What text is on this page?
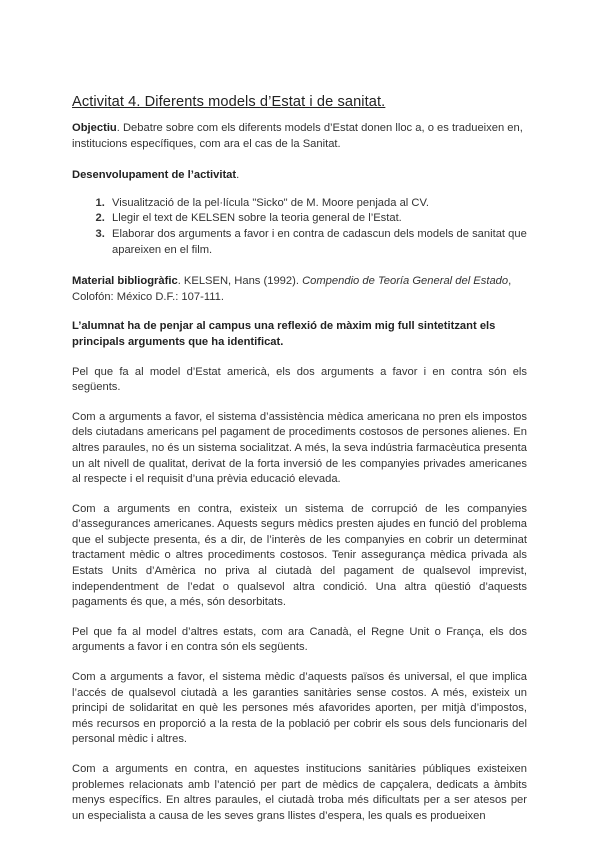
Activitat 4. Diferents models d’Estat i de sanitat.

Objectiu. Debatre sobre com els diferents models d’Estat donen lloc a, o es tradueixen en, institucions específiques, com ara el cas de la Sanitat.

Desenvolupament de l’activitat.

1. Visualització de la pel·lícula "Sicko" de M. Moore penjada al CV.
2. Llegir el text de KELSEN sobre la teoria general de l’Estat.
3. Elaborar dos arguments a favor i en contra de cadascun dels models de sanitat que apareixen en el film.

Material bibliogràfic. KELSEN, Hans (1992). Compendio de Teoría General del Estado, Colofón: México D.F.: 107-111.

L’alumnat ha de penjar al campus una reflexió de màxim mig full sintetitzant els principals arguments que ha identificat.

Pel que fa al model d’Estat americà, els dos arguments a favor i en contra són els següents.

Com a arguments a favor, el sistema d’assistència mèdica americana no pren els impostos dels ciutadans americans pel pagament de procediments costosos de persones alienes. En altres paraules, no és un sistema socialitzat. A més, la seva indústria farmacèutica presenta un alt nivell de qualitat, derivat de la forta inversió de les companyies privades americanes al respecte i el requisit d’una prèvia educació elevada.

Com a arguments en contra, existeix un sistema de corrupció de les companyies d’assegurances americanes. Aquests segurs mèdics presten ajudes en funció del problema que el subjecte presenta, és a dir, de l’interès de les companyies en cobrir un determinat tractament mèdic o altres procediments costosos. Tenir assegurança mèdica privada als Estats Units d’Amèrica no priva al ciutadà del pagament de qualsevol imprevist, independentment de l’edat o qualsevol altra condició. Una altra qüestió d’aquests pagaments és que, a més, són desorbitats.

Pel que fa al model d’altres estats, com ara Canadà, el Regne Unit o França, els dos arguments a favor i en contra són els següents.

Com a arguments a favor, el sistema mèdic d’aquests països és universal, el que implica l’accés de qualsevol ciutadà a les garanties sanitàries sense costos. A més, existeix un principi de solidaritat en què les persones més afavorides aporten, per mitjà d’impostos, més recursos en proporció a la resta de la població per cobrir els sous dels funcionaris del personal mèdic i altres.

Com a arguments en contra, en aquestes institucions sanitàries públiques existeixen problemes relacionats amb l’atenció per part de mèdics de capçalera, dedicats a àmbits menys específics. En altres paraules, el ciutadà troba més dificultats per a ser atesos per un especialista a causa de les seves grans llistes d’espera, les quals es produeixen
